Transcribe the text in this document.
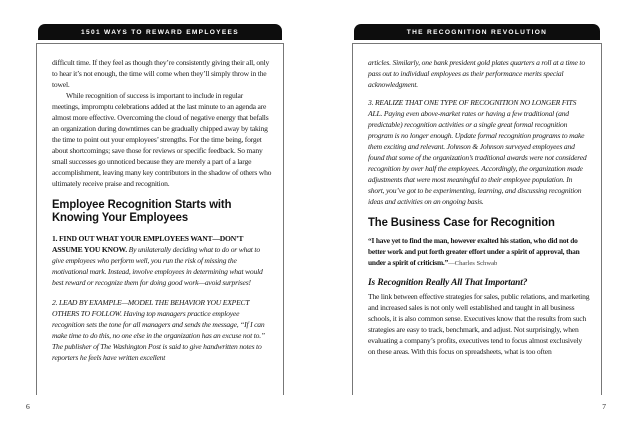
1501 WAYS TO REWARD EMPLOYEES

difficult time. If they feel as though they’re consistently giving their all, only to hear it’s not enough, the time will come when they’ll simply throw in the towel.

While recognition of success is important to include in regular meetings, impromptu celebrations added at the last minute to an agenda are almost more effective. Overcoming the cloud of negative energy that befalls an organization during downtimes can be gradually chipped away by taking the time to point out your employees’ strengths. For the time being, forget about shortcomings; save those for reviews or specific feedback. So many small successes go unnoticed because they are merely a part of a large accomplishment, leaving many key contributors in the shadow of others who ultimately receive praise and recognition.

Employee Recognition Starts with Knowing Your Employees

1. FIND OUT WHAT YOUR EMPLOYEES WANT—DON’T ASSUME YOU KNOW. By unilaterally deciding what to do or what to give employees who perform well, you run the risk of missing the motivational mark. Instead, involve employees in determining what would best reward or recognize them for doing good work—avoid surprises!

2. LEAD BY EXAMPLE—MODEL THE BEHAVIOR YOU EXPECT OTHERS TO FOLLOW. Having top managers practice employee recognition sets the tone for all managers and sends the message, “If I can make time to do this, no one else in the organization has an excuse not to.” The publisher of The Washington Post is said to give handwritten notes to reporters he feels have written excellent

6
THE RECOGNITION REVOLUTION

articles. Similarly, one bank president gold plates quarters a roll at a time to pass out to individual employees as their performance merits special acknowledgment.

3. REALIZE THAT ONE TYPE OF RECOGNITION NO LONGER FITS ALL. Paying even above-market rates or having a few traditional (and predictable) recognition activities or a single great formal recognition program is no longer enough. Update formal recognition programs to make them exciting and relevant. Johnson & Johnson surveyed employees and found that some of the organization’s traditional awards were not considered recognition by over half the employees. Accordingly, the organization made adjustments that were most meaningful to their employee population. In short, you’ve got to be experimenting, learning, and discussing recognition ideas and activities on an ongoing basis.

The Business Case for Recognition

“I have yet to find the man, however exalted his station, who did not do better work and put forth greater effort under a spirit of approval, than under a spirit of criticism.”—Charles Schwab

Is Recognition Really All That Important?

The link between effective strategies for sales, public relations, and marketing and increased sales is not only well established and taught in all business schools, it is also common sense. Executives know that the results from such strategies are easy to track, benchmark, and adjust. Not surprisingly, when evaluating a company’s profits, executives tend to focus almost exclusively on these areas. With this focus on spreadsheets, what is too often

7
